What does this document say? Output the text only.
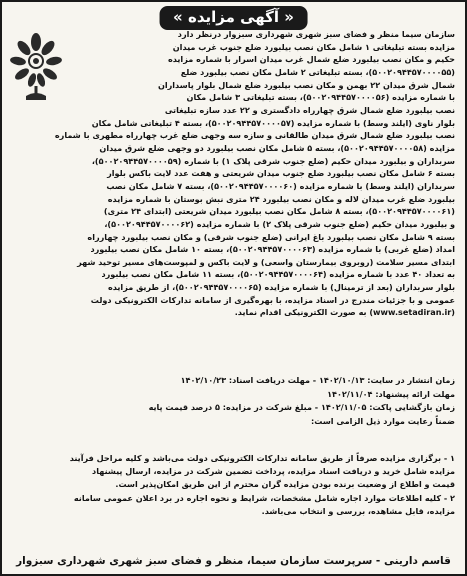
« آگهی مزایده »

سازمان سیما منظر و فضای سبز شهری شهرداری سبزوار درنظر دارد

مزایده بسته تبلیغاتی ۱ شامل مکان نصب بیلبورد ضلع جنوب غرب میدان

حکیم و مکان نصب بیلبورد ضلع شمال غرب میدان اسرار با شماره مزایده

(۵۰۰۲۰۹۴۴۵۷۰۰۰۰۵۵)، بسته تبلیغاتی ۲ شامل مکان نصب بیلبورد ضلع

شمال شرق میدان ۲۲ بهمن و مکان نصب بیلبورد ضلع شمال بلوار پاسداران

با شماره مزایده (۵۰۰۲۰۹۴۴۵۷۰۰۰۰۵۶)، بسته تبلیغاتی ۳ شامل مکان

نصب بیلبورد ضلع شمال شرق چهارراه دادگستری و ۲۲ عدد سازه تبلیغاتی

بلوار ناوی (ایلند وسط) با شماره مزایده (۵۰۰۲۰۹۴۴۵۷۰۰۰۰۵۷)، بسته ۴ تبلیغاتی شامل مکان

نصب بیلبورد ضلع شمال شرق میدان طالقانی و سازه سه وجهی ضلع غرب چهارراه مطهری با شماره

مزایده (۵۰۰۲۰۹۴۴۵۷۰۰۰۰۵۸)، بسته ۵ شامل مکان نصب بیلبورد دو وجهی ضلع شرق میدان

سربداران و بیلبورد میدان حکیم (ضلع جنوب شرقی پلاک ۱) با شماره (۵۰۰۲۰۹۴۴۵۷۰۰۰۰۵۹)،

بسته ۶ شامل مکان نصب بیلبورد ضلع جنوب میدان شریعتی و هفت عدد لایت باکس بلوار

سربداران (ایلند وسط) با شماره مزایده (۵۰۰۲۰۹۴۴۵۷۰۰۰۰۶۰)، بسته ۷ شامل مکان نصب

بیلبورد ضلع غرب میدان لاله و مکان نصب بیلبورد ۲۴ متری نبش بوستان با شماره مزایده

(۵۰۰۲۰۹۴۴۵۷۰۰۰۰۶۱)، بسته ۸ شامل مکان نصب بیلبورد میدان شریعتی (ابتدای ۲۴ متری)

و بیلبورد میدان حکیم (ضلع جنوب شرقی پلاک ۲) با شماره مزایده (۵۰۰۲۰۹۴۴۵۷۰۰۰۰۶۲)،

بسته ۹ شامل مکان نصب بیلبورد باغ ایرانی (ضلع جنوب شرقی) و مکان نصب بیلبورد چهارراه

امداد (ضلع غربی) با شماره مزایده (۵۰۰۲۰۹۴۴۵۷۰۰۰۰۶۳)، بسته ۱۰ شامل مکان نصب بیلبورد

ابتدای مسیر سلامت (روبروی بیمارستان واسعی) و لایت باکس و لمپوست‌های مسیر توحید شهر

به تعداد ۴۰ عدد با شماره مزایده (۵۰۰۲۰۹۴۴۵۷۰۰۰۰۶۴)، بسته ۱۱ شامل مکان نصب بیلبورد

بلوار سربداران (بعد از ترمینال) با شماره مزایده (۵۰۰۲۰۹۴۴۵۷۰۰۰۰۶۵)، از طریق مزایده

عمومی و با جزئیات مندرج در اسناد مزایده، با بهره‌گیری از سامانه تدارکات الکترونیکی دولت

(www.setadiran.ir) به صورت الکترونیکی اقدام نماید.

زمان انتشار در سایت: ۱۴۰۲/۱۰/۱۳ - مهلت دریافت اسناد: ۱۴۰۲/۱۰/۲۳

مهلت ارائه پیشنهاد: ۱۴۰۲/۱۱/۰۴

زمان بازگشایی پاکت: ۱۴۰۲/۱۱/۰۵ - مبلغ شرکت در مزایده: ۵ درصد قیمت پایه

ضمناً رعایت موارد ذیل الزامی است:

۱ - برگزاری مزایده صرفاً از طریق سامانه تدارکات الکترونیکی دولت می‌باشد و کلیه مراحل فرآیند

مزایده شامل خرید و دریافت اسناد مزایده، پرداخت تضمین شرکت در مزایده، ارسال پیشنهاد

قیمت و اطلاع از وضعیت برنده بودن مزایده گران محترم از این طریق امکان‌پذیر است.

۲ - کلیه اطلاعات موارد اجاره شامل مشخصات، شرایط و نحوه اجاره در برد اعلان عمومی سامانه

مزایده، قابل مشاهده، بررسی و انتخاب می‌باشد.

قاسم دارینی - سرپرست سازمان سیما، منظر و فضای سبز شهری شهرداری سبزوار
